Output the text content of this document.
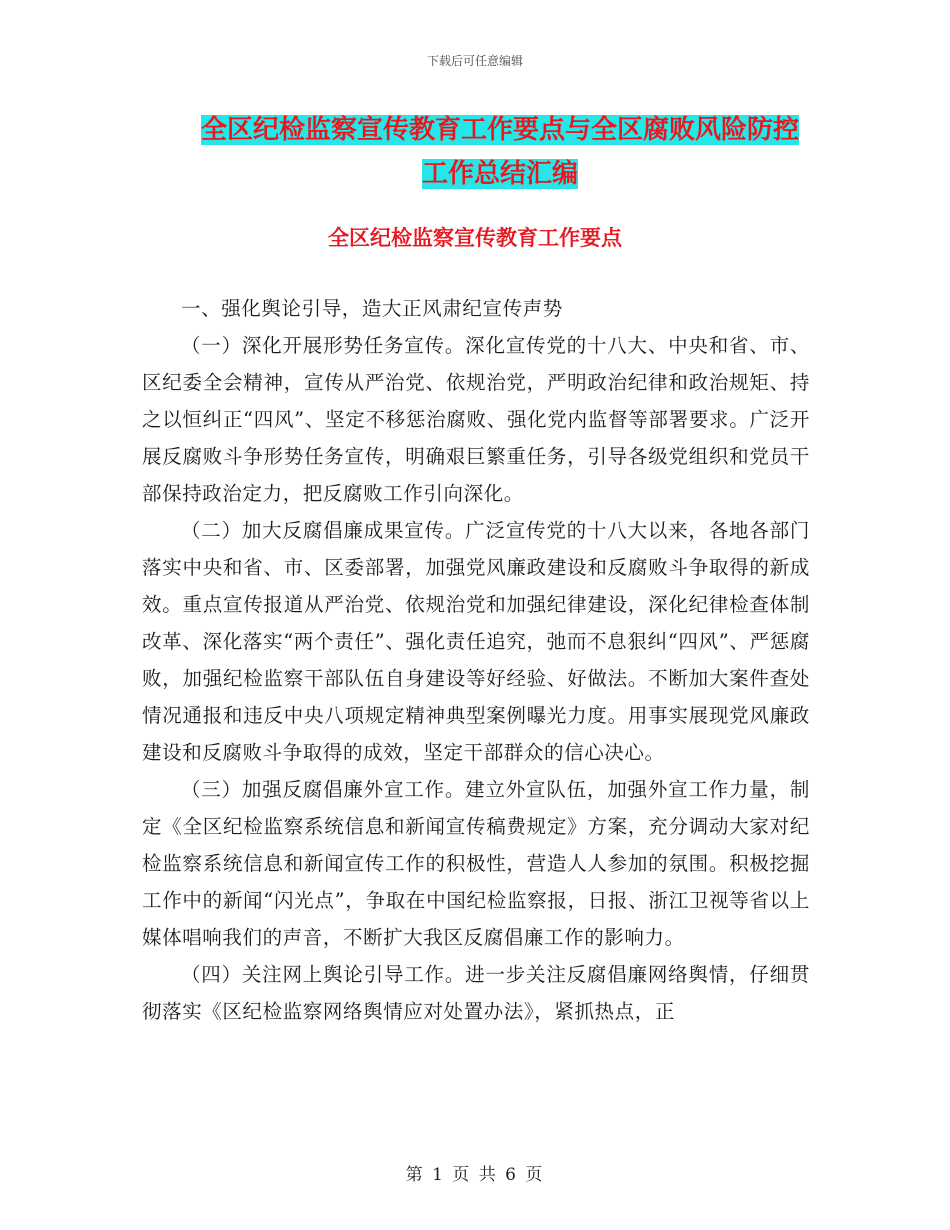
下载后可任意编辑
全区纪检监察宣传教育工作要点与全区腐败风险防控
工作总结汇编
全区纪检监察宣传教育工作要点

一、强化舆论引导，造大正风肃纪宣传声势

（一）深化开展形势任务宣传。深化宣传党的十八大、中央和省、市、区纪委全会精神，宣传从严治党、依规治党，严明政治纪律和政治规矩、持之以恒纠正“四风”、坚定不移惩治腐败、强化党内监督等部署要求。广泛开展反腐败斗争形势任务宣传，明确艰巨繁重任务，引导各级党组织和党员干部保持政治定力，把反腐败工作引向深化。

（二）加大反腐倡廉成果宣传。广泛宣传党的十八大以来，各地各部门落实中央和省、市、区委部署，加强党风廉政建设和反腐败斗争取得的新成效。重点宣传报道从严治党、依规治党和加强纪律建设，深化纪律检查体制改革、深化落实“两个责任”、强化责任追究，弛而不息狠纠“四风”、严惩腐败，加强纪检监察干部队伍自身建设等好经验、好做法。不断加大案件查处情况通报和违反中央八项规定精神典型案例曝光力度。用事实展现党风廉政建设和反腐败斗争取得的成效，坚定干部群众的信心决心。

（三）加强反腐倡廉外宣工作。建立外宣队伍，加强外宣工作力量，制定《全区纪检监察系统信息和新闻宣传稿费规定》方案，充分调动大家对纪检监察系统信息和新闻宣传工作的积极性，营造人人参加的氛围。积极挖掘工作中的新闻“闪光点”，争取在中国纪检监察报，日报、浙江卫视等省以上媒体唱响我们的声音，不断扩大我区反腐倡廉工作的影响力。

（四）关注网上舆论引导工作。进一步关注反腐倡廉网络舆情，仔细贯彻落实《区纪检监察网络舆情应对处置办法》，紧抓热点，正

第 1 页 共 6 页
